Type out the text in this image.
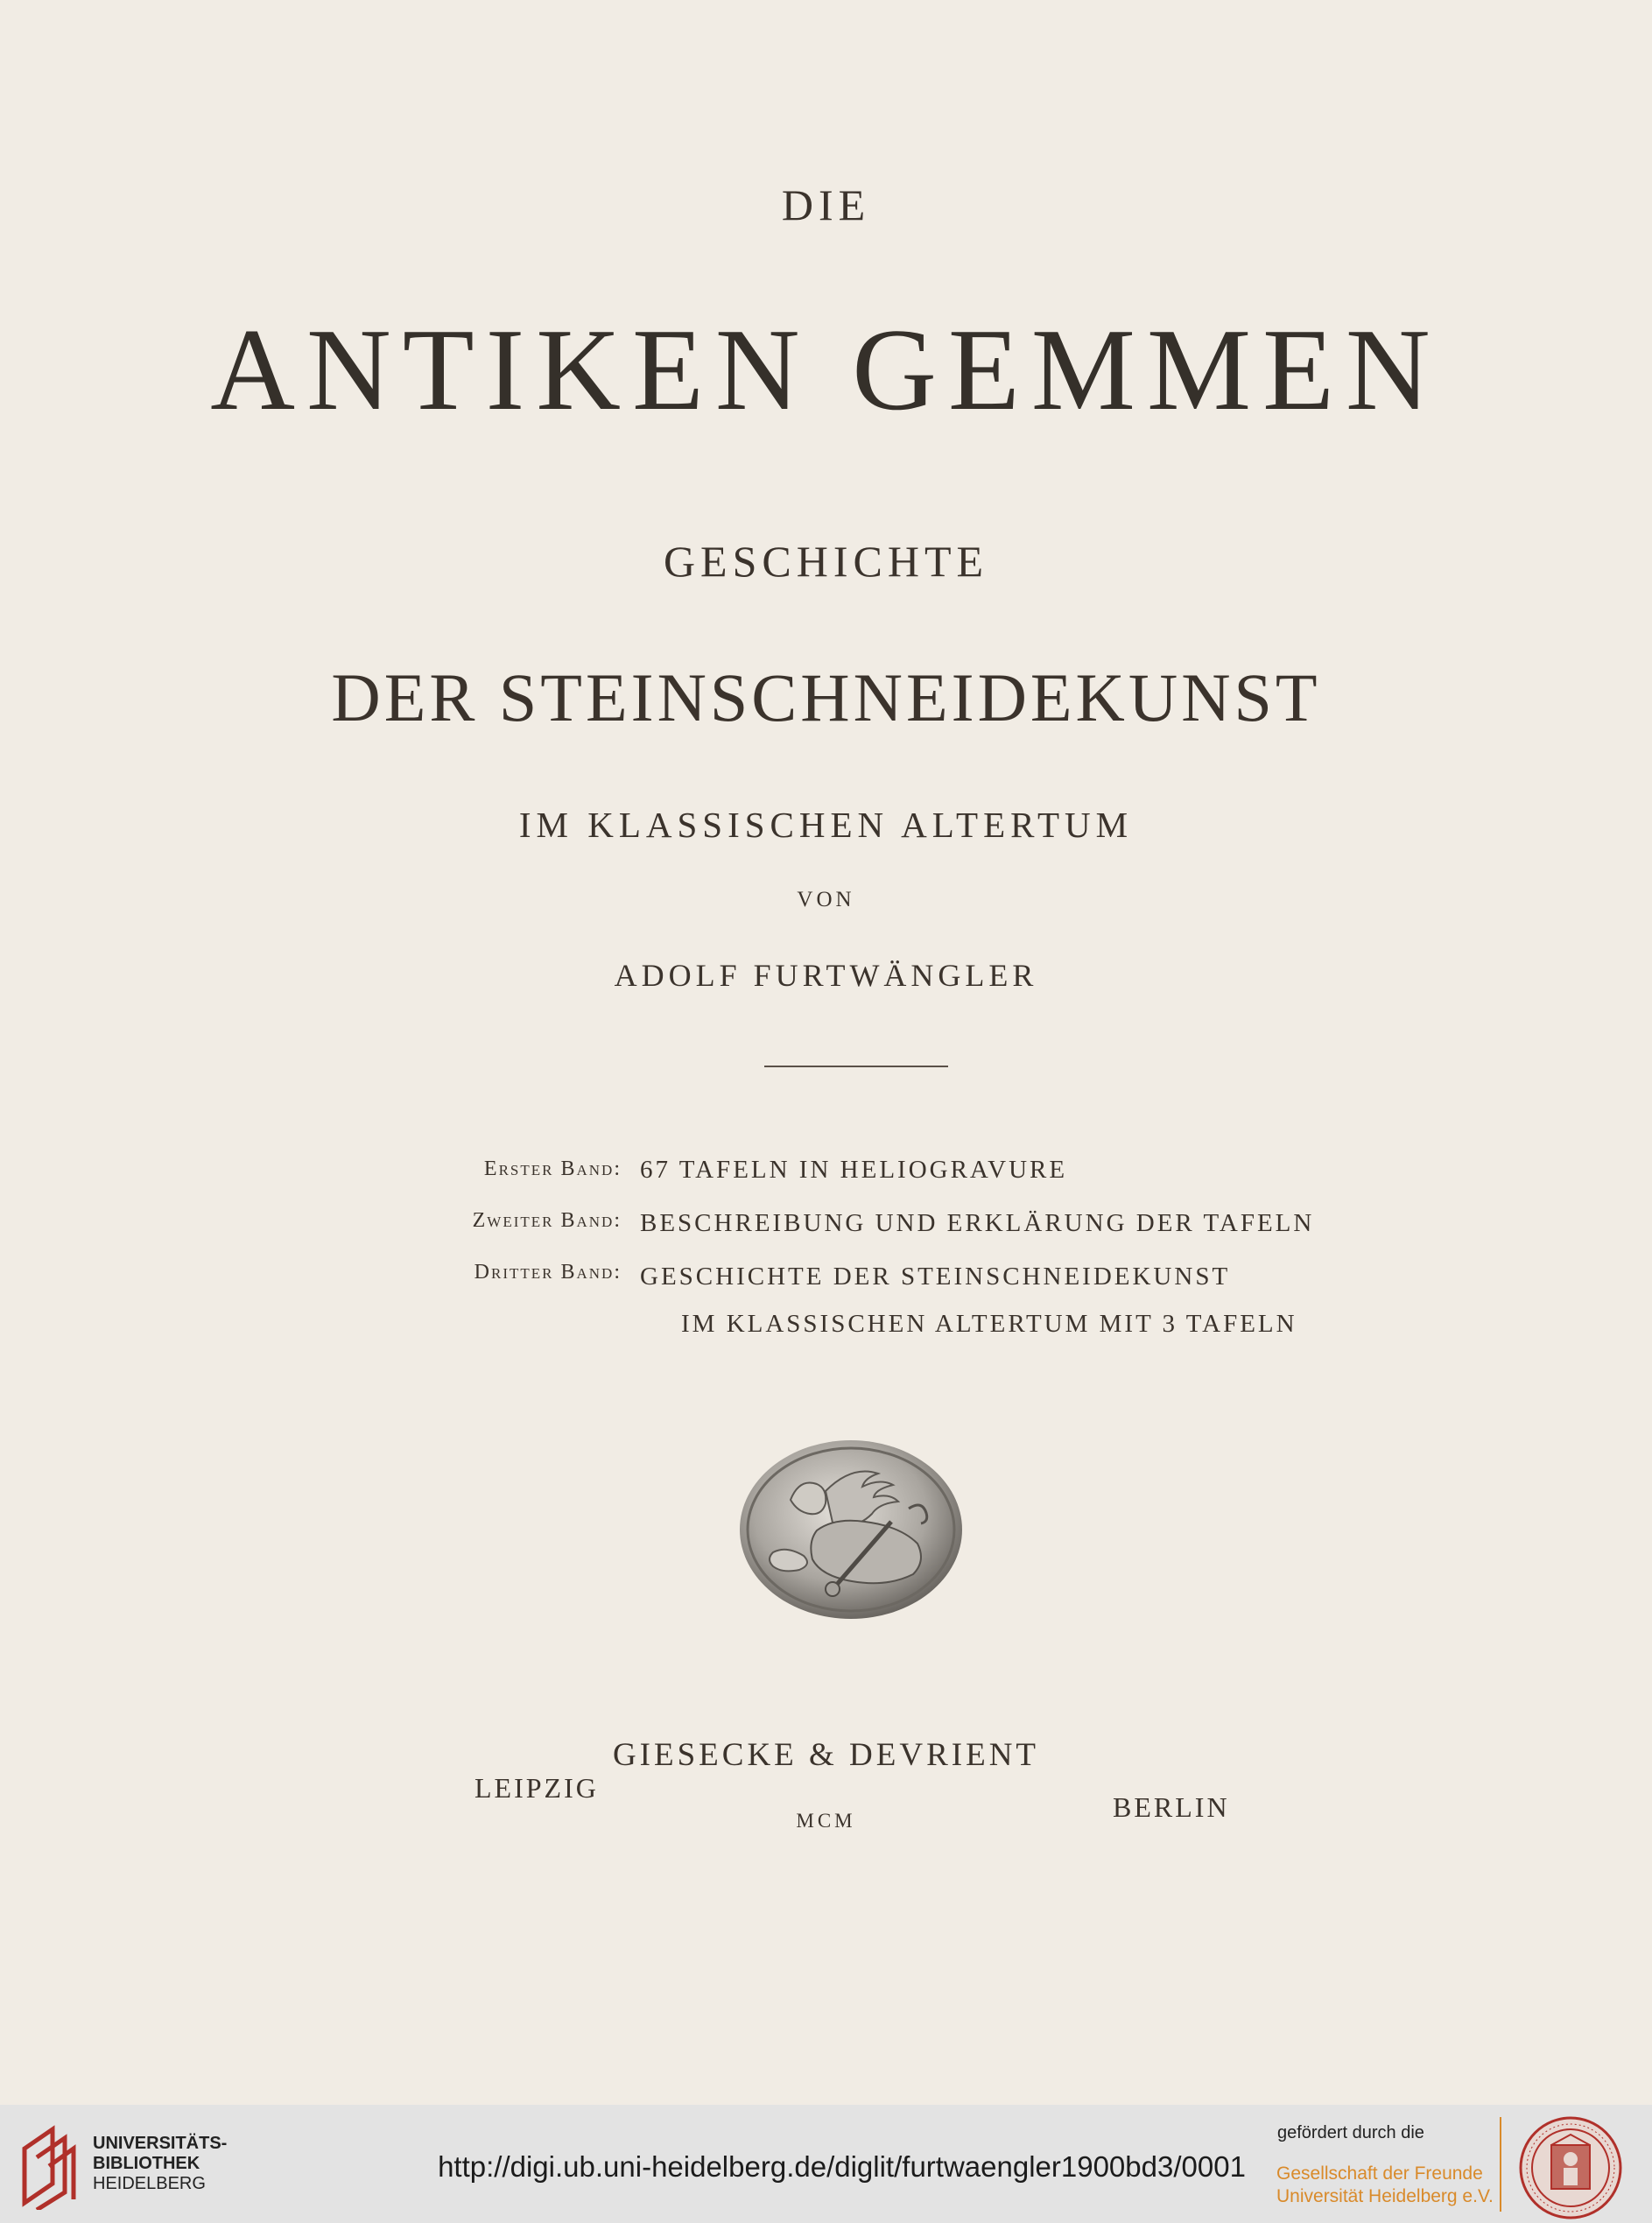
DIE
ANTIKEN GEMMEN
GESCHICHTE
DER STEINSCHNEIDEKUNST
IM KLASSISCHEN ALTERTUM
VON
ADOLF FURTWÄNGLER
Erster Band: 67 TAFELN IN HELIOGRAVURE
Zweiter Band: BESCHREIBUNG UND ERKLÄRUNG DER TAFELN
Dritter Band: GESCHICHTE DER STEINSCHNEIDEKUNST
IM KLASSISCHEN ALTERTUM MIT 3 TAFELN
GIESECKE & DEVRIENT
LEIPZIG
MCM	BERLIN
UNIVERSITÄTS-
BIBLIOTHEK
HEIDELBERG
http://digi.ub.uni-heidelberg.de/diglit/furtwaengler1900bd3/0001
gefördert durch die
Gesellschaft der Freunde
Universität Heidelberg e.V.
